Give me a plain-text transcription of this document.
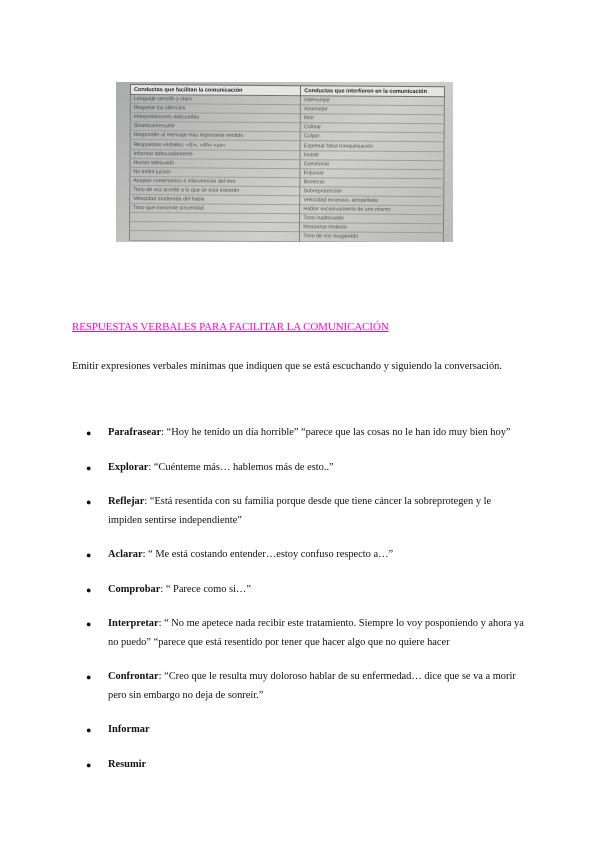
Conductas que facilitan la comunicación	Conductas que interfieren en la comunicación
Lenguaje sencillo y claro	Interrumpir
Respetar los silencios	Aconsejar
Interpretaciones adecuadas	Reír
Sintetizar/resumir	Calmar
Responder al mensaje más importante emitido	Culpar
Respuestas verbales: «Sí», «Ah» «ya»	Expresar falsa tranquilización
Informar adecuadamente	Insistir
Humor adecuado	Cuestionar
No emitir juicios	Enjuiciar
Aceptar comentarios e intervención del otro	Bostezar
Tono de voz acorde a lo que se está tratando	Sobreprotección
Velocidad moderada del habla	Velocidad excesiva, atropellada
Tono que transmite sinceridad	Hablar excesivamente de uno mismo
	Tono inadecuado
	Mostrarse molesto
	Tono de voz exagerado
RESPUESTAS VERBALES PARA FACILITAR LA COMUNICACIÓN

Emitir expresiones verbales mínimas que indiquen que se está escuchando y siguiendo la conversación.

● Parafrasear: “Hoy he tenido un día horrible” “parece que las cosas no le han ido muy bien hoy”
● Explorar: “Cuénteme más… hablemos más de esto..”
● Reflejar: “Está resentida con su familia porque desde que tiene cáncer la sobreprotegen y le impiden sentirse independiente”
● Aclarar: “ Me está costando entender…estoy confuso respecto a…”
● Comprobar: “ Parece como si…”
● Interpretar: “ No me apetece nada recibir este tratamiento. Siempre lo voy posponiendo y ahora ya no puedo” “parece que está resentido por tener que hacer algo que no quiere hacer
● Confrontar: “Creo que le resulta muy doloroso hablar de su enfermedad… dice que se va a morir pero sin embargo no deja de sonreír.”
● Informar
● Resumir
